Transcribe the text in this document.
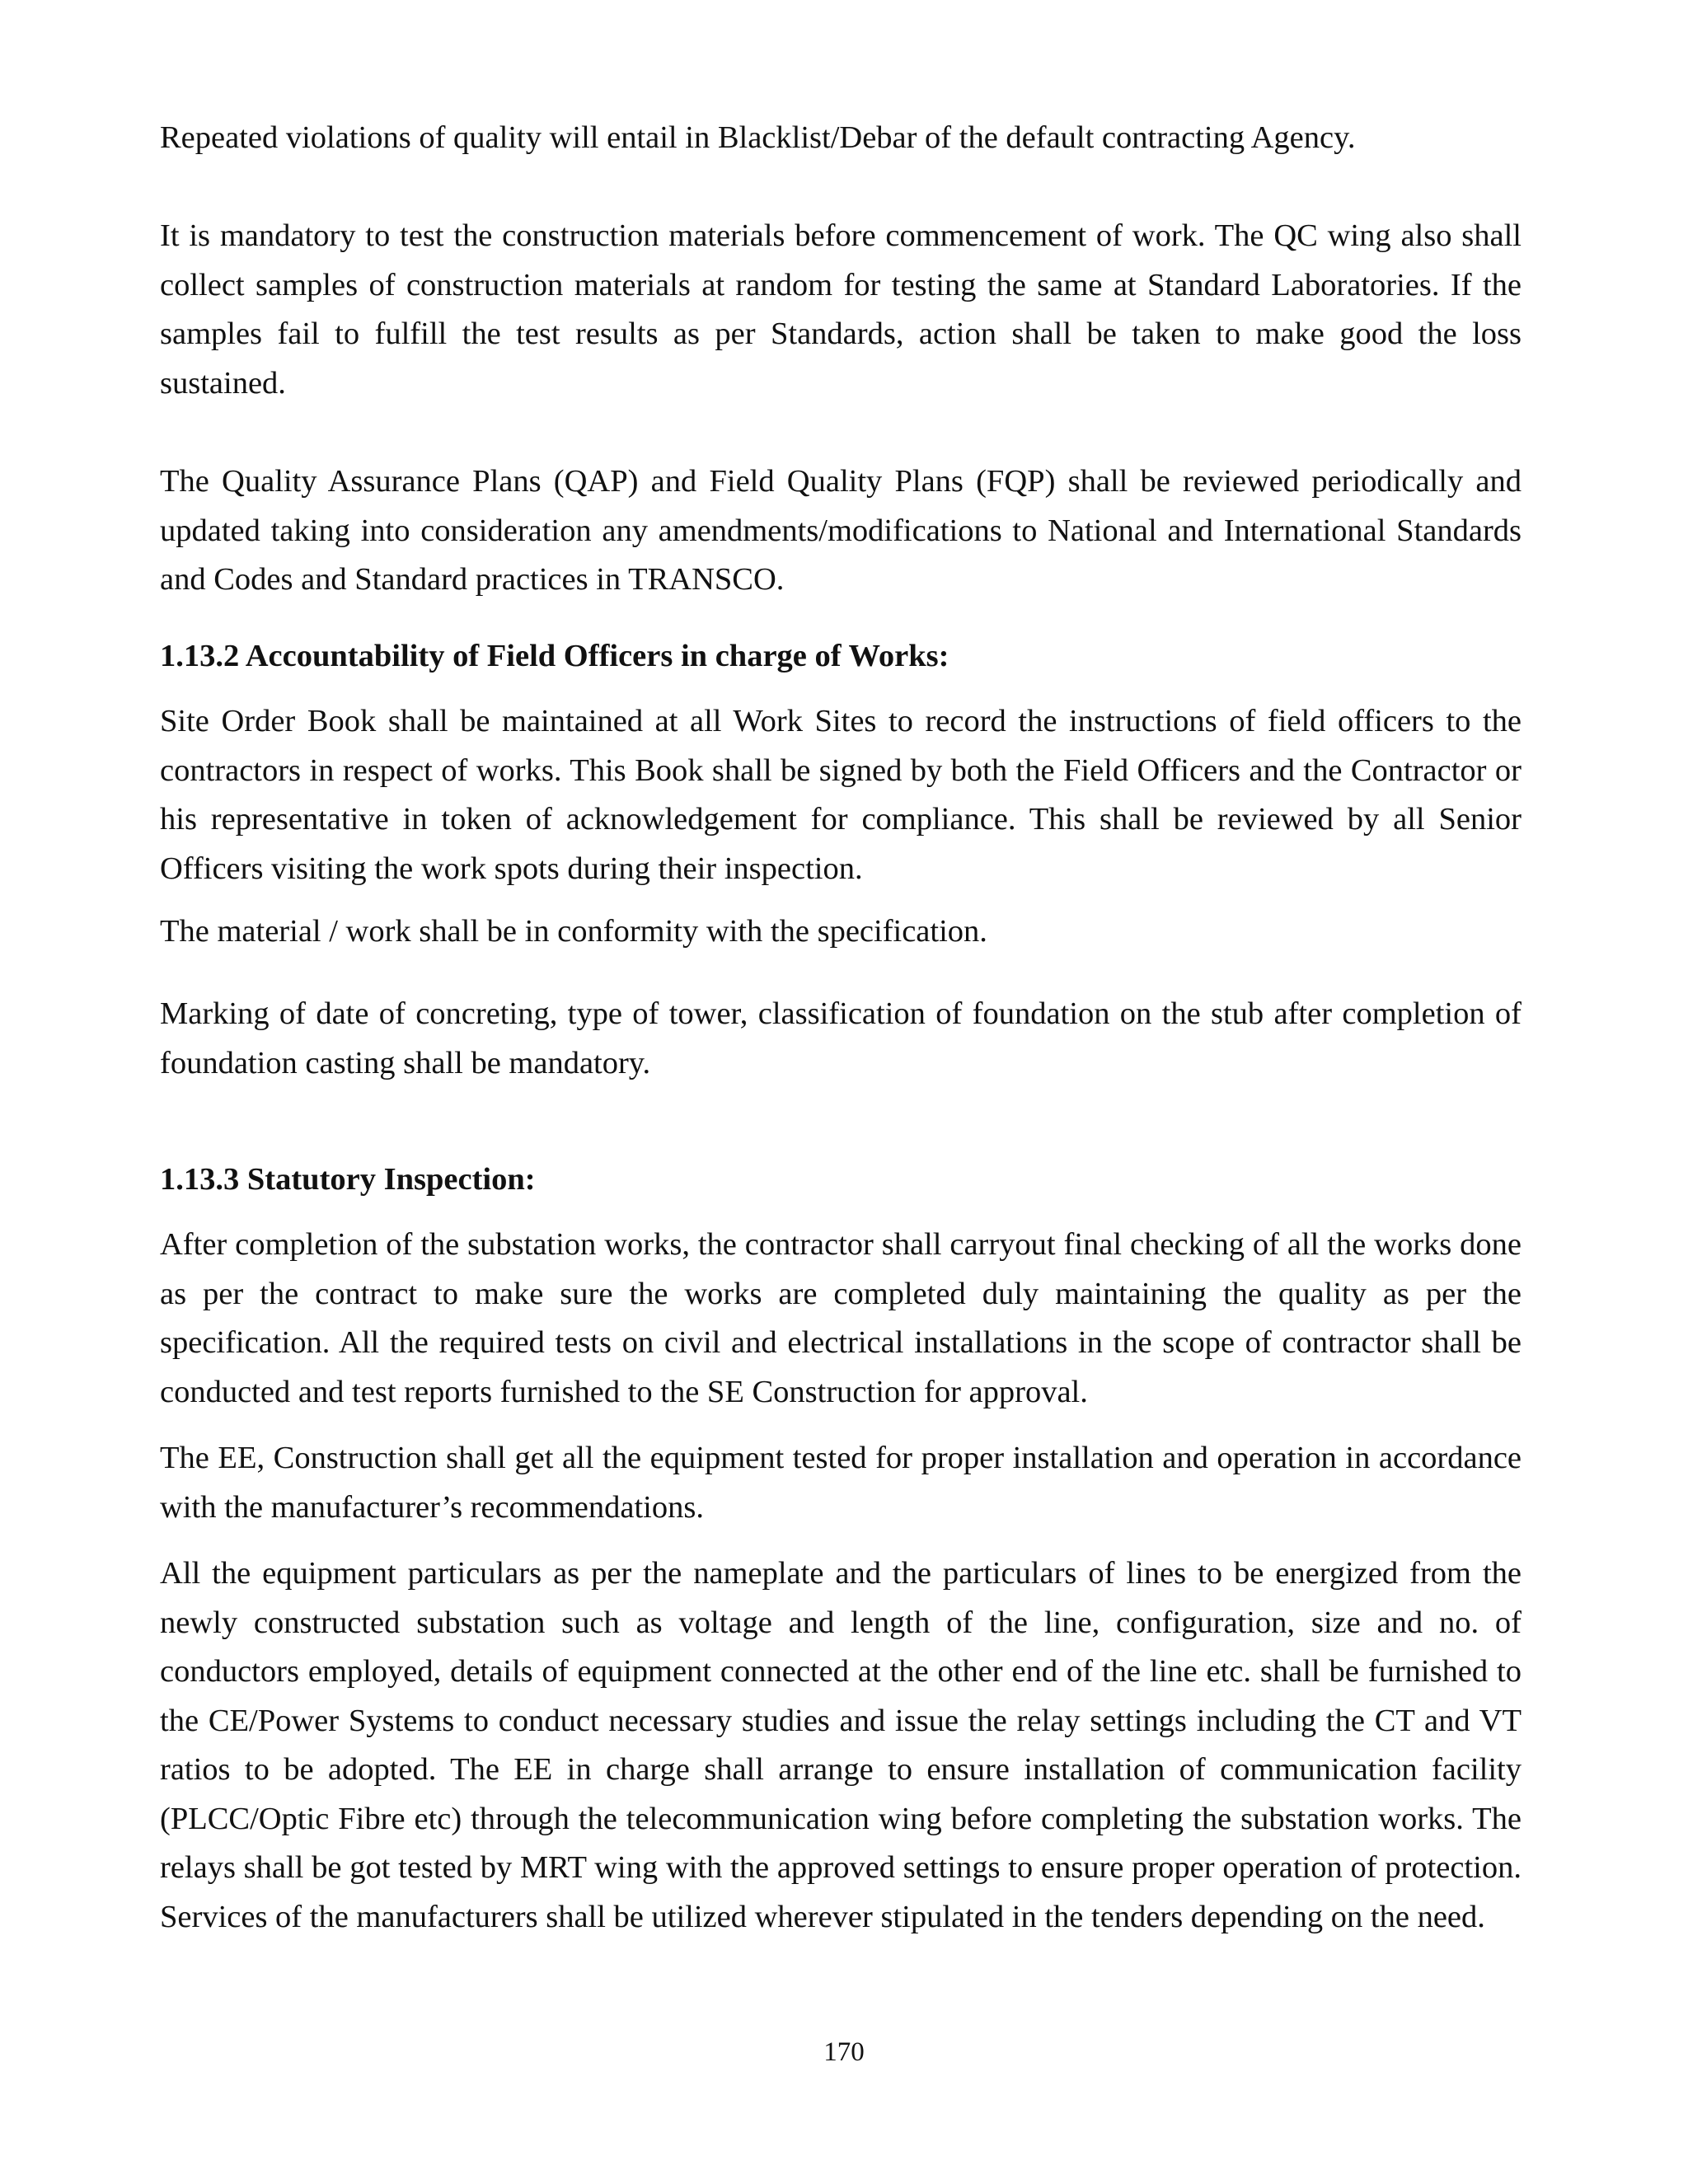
Repeated violations of quality will entail in Blacklist/Debar of the default contracting Agency.

It is mandatory to test the construction materials before commencement of work. The QC wing also shall collect samples of construction materials at random for testing the same at Standard Laboratories. If the samples fail to fulfill the test results as per Standards, action shall be taken to make good the loss sustained.

The Quality Assurance Plans (QAP) and Field Quality Plans (FQP) shall be reviewed periodically and updated taking into consideration any amendments/modifications to National and International Standards and Codes and Standard practices in TRANSCO.

1.13.2 Accountability of Field Officers in charge of Works:

Site Order Book shall be maintained at all Work Sites to record the instructions of field officers to the contractors in respect of works. This Book shall be signed by both the Field Officers and the Contractor or his representative in token of acknowledgement for compliance. This shall be reviewed by all Senior Officers visiting the work spots during their inspection.

The material / work shall be in conformity with the specification.

Marking of date of concreting, type of tower, classification of foundation on the stub after completion of foundation casting shall be mandatory.

1.13.3 Statutory Inspection:

After completion of the substation works, the contractor shall carryout final checking of all the works done as per the contract to make sure the works are completed duly maintaining the quality as per the specification. All the required tests on civil and electrical installations in the scope of contractor shall be conducted and test reports furnished to the SE Construction for approval.

The EE, Construction shall get all the equipment tested for proper installation and operation in accordance with the manufacturer’s recommendations.

All the equipment particulars as per the nameplate and the particulars of lines to be energized from the newly constructed substation such as voltage and length of the line, configuration, size and no. of conductors employed, details of equipment connected at the other end of the line etc. shall be furnished to the CE/Power Systems to conduct necessary studies and issue the relay settings including the CT and VT ratios to be adopted. The EE in charge shall arrange to ensure installation of communication facility (PLCC/Optic Fibre etc) through the telecommunication wing before completing the substation works. The relays shall be got tested by MRT wing with the approved settings to ensure proper operation of protection. Services of the manufacturers shall be utilized wherever stipulated in the tenders depending on the need.

170
